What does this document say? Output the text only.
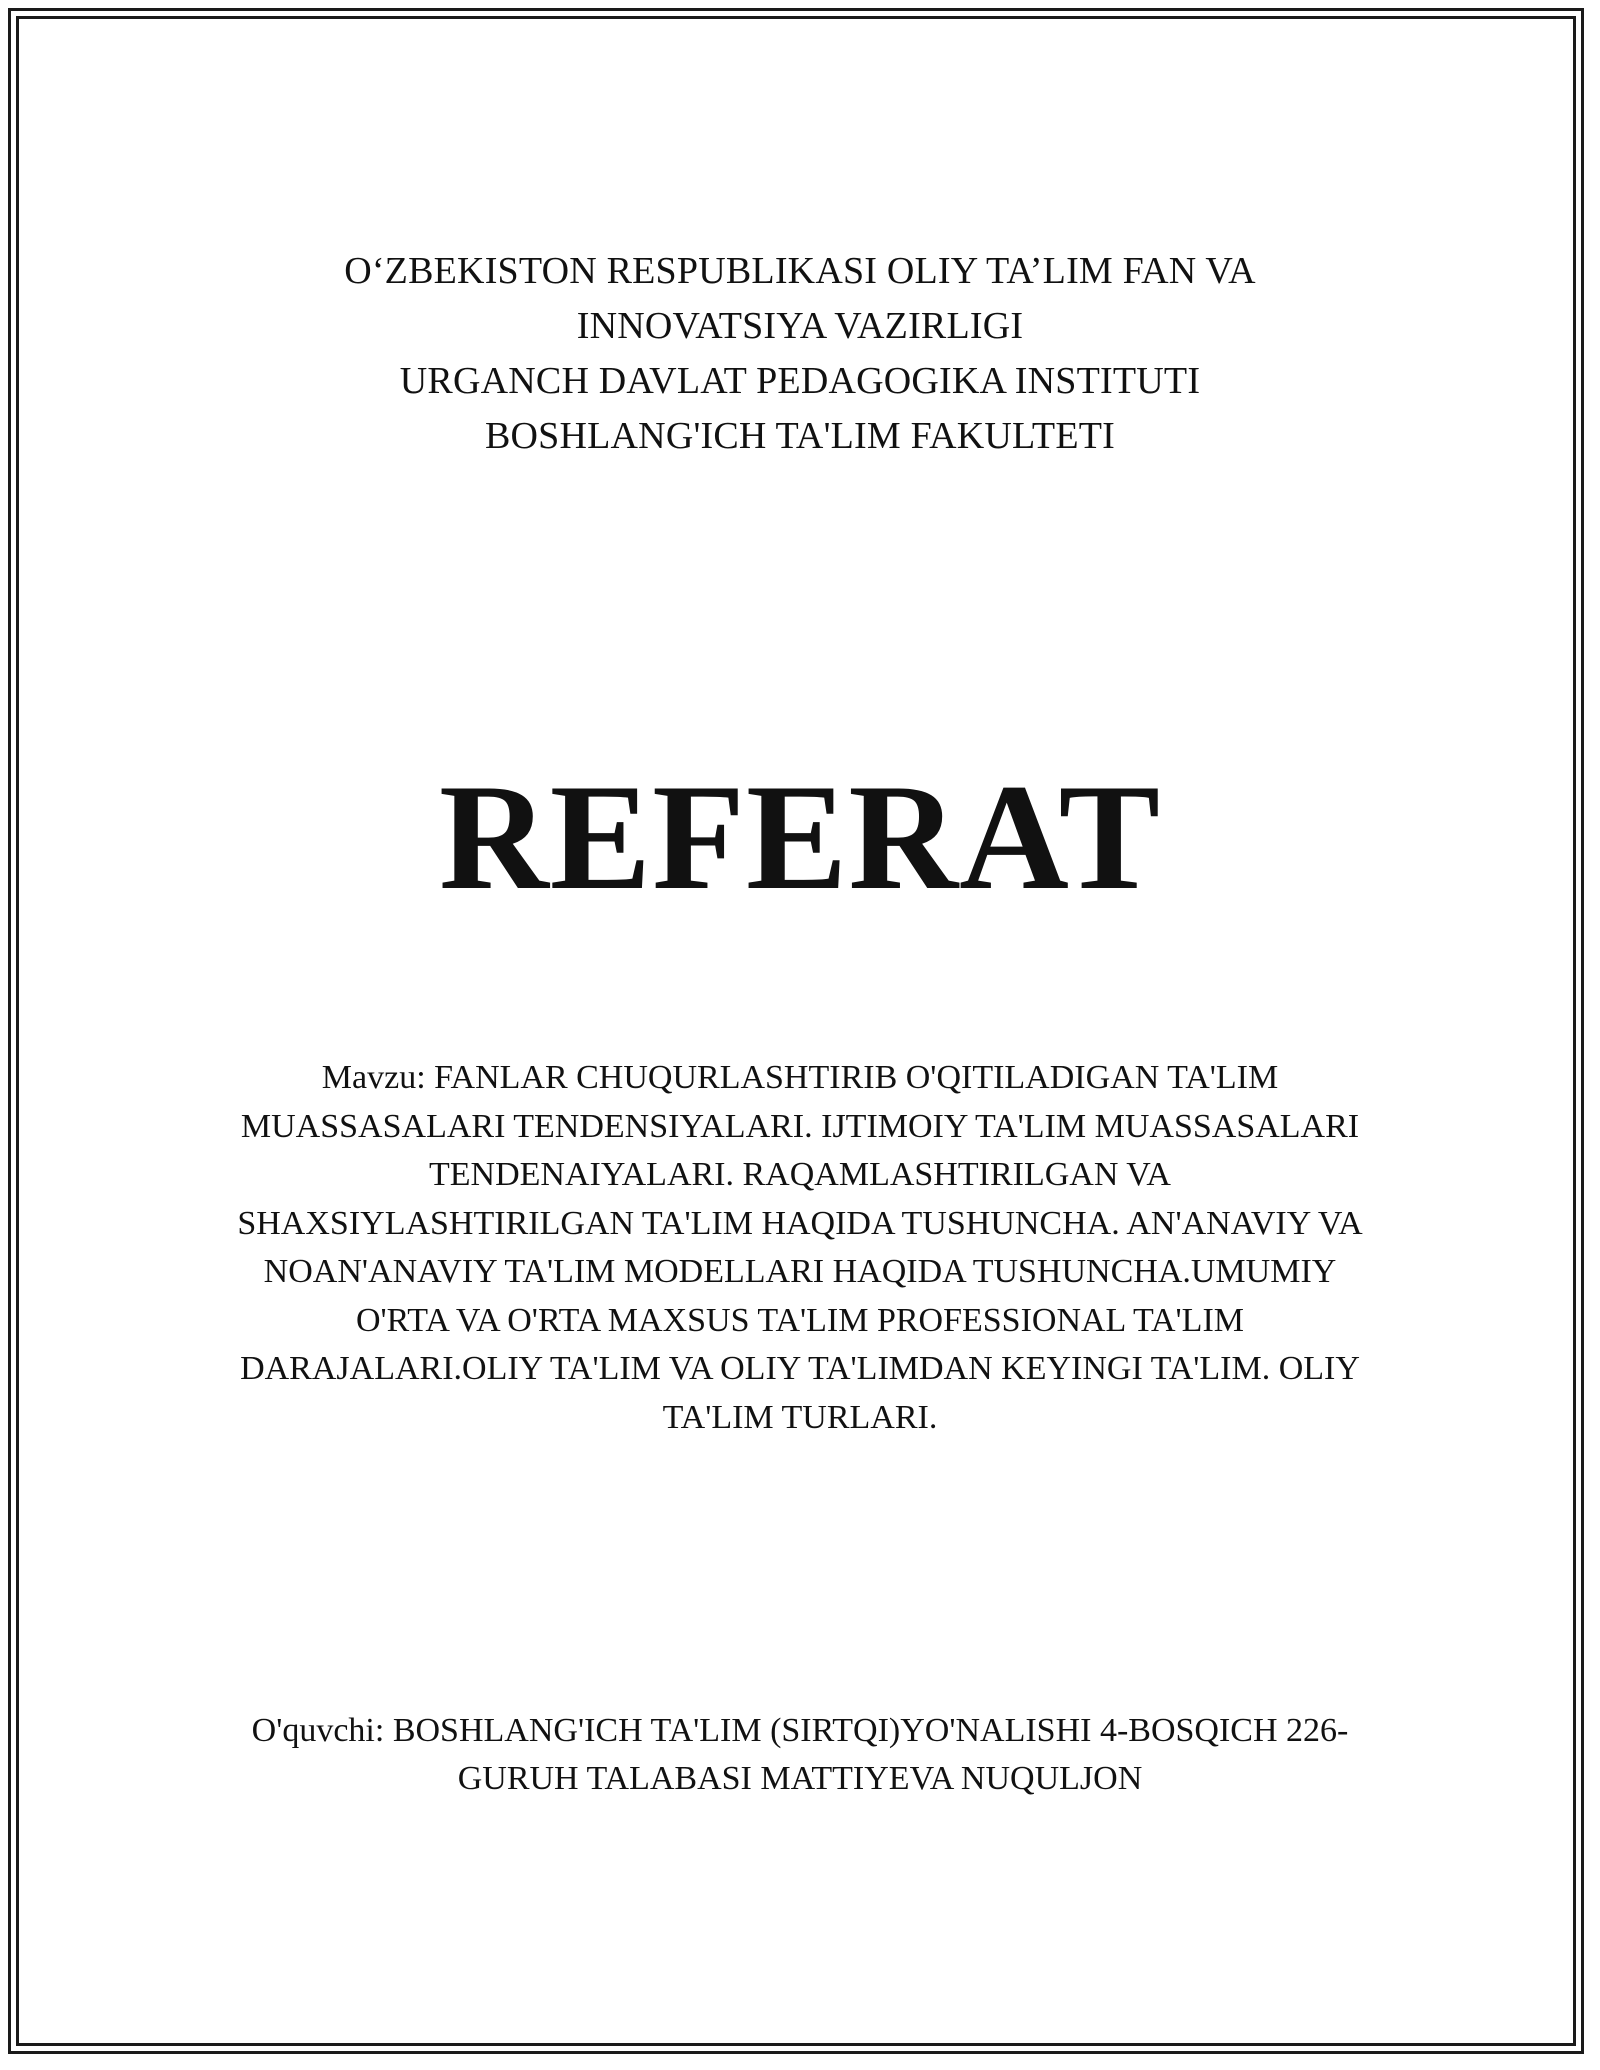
O‘ZBEKISTON RESPUBLIKASI OLIY TA’LIM FAN VA
INNOVATSIYA VAZIRLIGI
URGANCH DAVLAT PEDAGOGIKA INSTITUTI
BOSHLANG'ICH TA'LIM FAKULTETI
REFERAT
Mavzu: FANLAR CHUQURLASHTIRIB O'QITILADIGAN TA'LIM MUASSASALARI TENDENSIYALARI. IJTIMOIY TA'LIM MUASSASALARI TENDENAIYALARI. RAQAMLASHTIRILGAN VA SHAXSIYLASHTIRILGAN TA'LIM HAQIDA TUSHUNCHA. AN'ANAVIY VA NOAN'ANAVIY TA'LIM MODELLARI HAQIDA TUSHUNCHA.UMUMIY O'RTA VA O'RTA MAXSUS TA'LIM PROFESSIONAL TA'LIM DARAJALARI.OLIY TA'LIM VA OLIY TA'LIMDAN KEYINGI TA'LIM. OLIY TA'LIM TURLARI.
O'quvchi: BOSHLANG'ICH TA'LIM (SIRTQI)YO'NALISHI 4-BOSQICH 226-GURUH TALABASI MATTIYEVA NUQULJON
